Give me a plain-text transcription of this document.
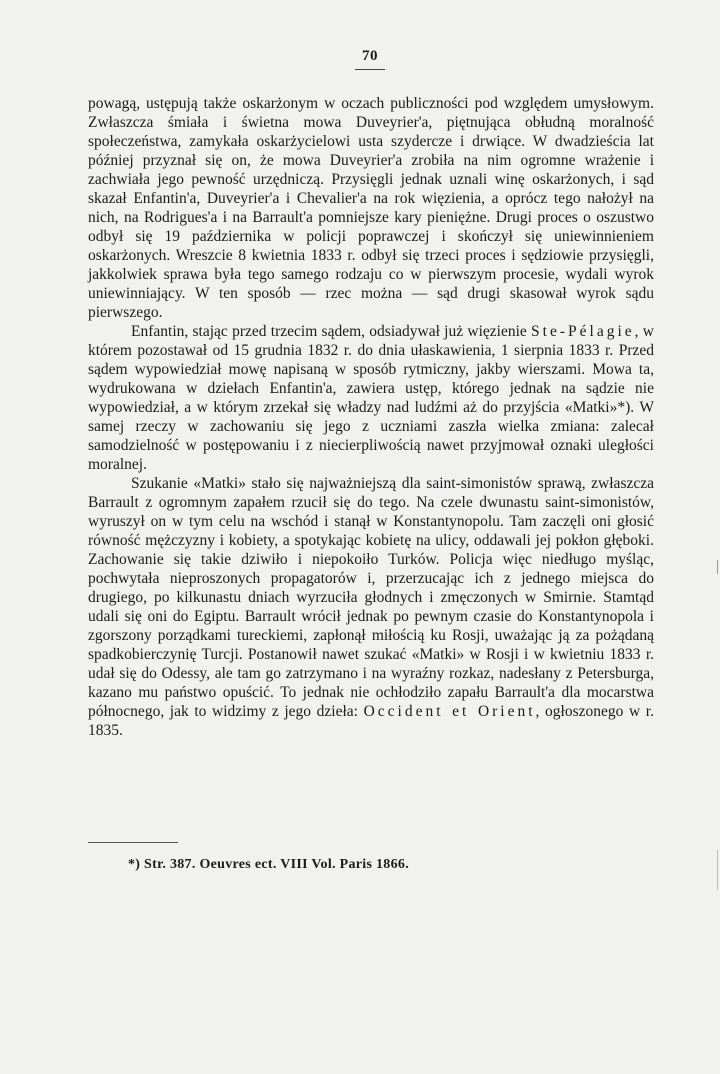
70

powagą, ustępują także oskarżonym w oczach publiczności pod względem umysłowym. Zwłaszcza śmiała i świetna mowa Duveyrier'a, piętnująca obłudną moralność społeczeństwa, zamykała oskarżycielowi usta szydercze i drwiące. W dwadzieścia lat później przyznał się on, że mowa Duveyrier'a zrobiła na nim ogromne wrażenie i zachwiała jego pewność urzędniczą. Przysięgli jednak uznali winę oskarżonych, i sąd skazał Enfantin'a, Duveyrier'a i Chevalier'a na rok więzienia, a oprócz tego nałożył na nich, na Rodrigues'a i na Barrault'a pomniejsze kary pieniężne. Drugi proces o oszustwo odbył się 19 października w policji poprawczej i skończył się uniewinnieniem oskarżonych. Wreszcie 8 kwietnia 1833 r. odbył się trzeci proces i sędziowie przysięgli, jakkolwiek sprawa była tego samego rodzaju co w pierwszym procesie, wydali wyrok uniewinniający. W ten sposób — rzec można — sąd drugi skasował wyrok sądu pierwszego.

Enfantin, stając przed trzecim sądem, odsiadywał już więzienie Ste-Pélagie, w którem pozostawał od 15 grudnia 1832 r. do dnia ułaskawienia, 1 sierpnia 1833 r. Przed sądem wypowiedział mowę napisaną w sposób rytmiczny, jakby wierszami. Mowa ta, wydrukowana w dziełach Enfantin'a, zawiera ustęp, którego jednak na sądzie nie wypowiedział, a w którym zrzekał się władzy nad ludźmi aż do przyjścia «Matki»*). W samej rzeczy w zachowaniu się jego z uczniami zaszła wielka zmiana: zalecał samodzielność w postępowaniu i z niecierpliwością nawet przyjmował oznaki uległości moralnej.

Szukanie «Matki» stało się najważniejszą dla saint-simonistów sprawą, zwłaszcza Barrault z ogromnym zapałem rzucił się do tego. Na czele dwunastu saint-simonistów, wyruszył on w tym celu na wschód i stanął w Konstantynopolu. Tam zaczęli oni głosić równość mężczyzny i kobiety, a spotykając kobietę na ulicy, oddawali jej pokłon głęboki. Zachowanie się takie dziwiło i niepokoiło Turków. Policja więc niedługo myśląc, pochwytała nieproszonych propagatorów i, przerzucając ich z jednego miejsca do drugiego, po kilkunastu dniach wyrzuciła głodnych i zmęczonych w Smirnie. Stamtąd udali się oni do Egiptu. Barrault wrócił jednak po pewnym czasie do Konstantynopola i zgorszony porządkami tureckiemi, zapłonął miłością ku Rosji, uważając ją za pożądaną spadkobierczynię Turcji. Postanowił nawet szukać «Matki» w Rosji i w kwietniu 1833 r. udał się do Odessy, ale tam go zatrzymano i na wyraźny rozkaz, nadesłany z Petersburga, kazano mu państwo opuścić. To jednak nie ochłodziło zapału Barrault'a dla mocarstwa północnego, jak to widzimy z jego dzieła: Occident et Orient, ogłoszonego w r. 1835.

*) Str. 387. Oeuvres ect. VIII Vol. Paris 1866.
